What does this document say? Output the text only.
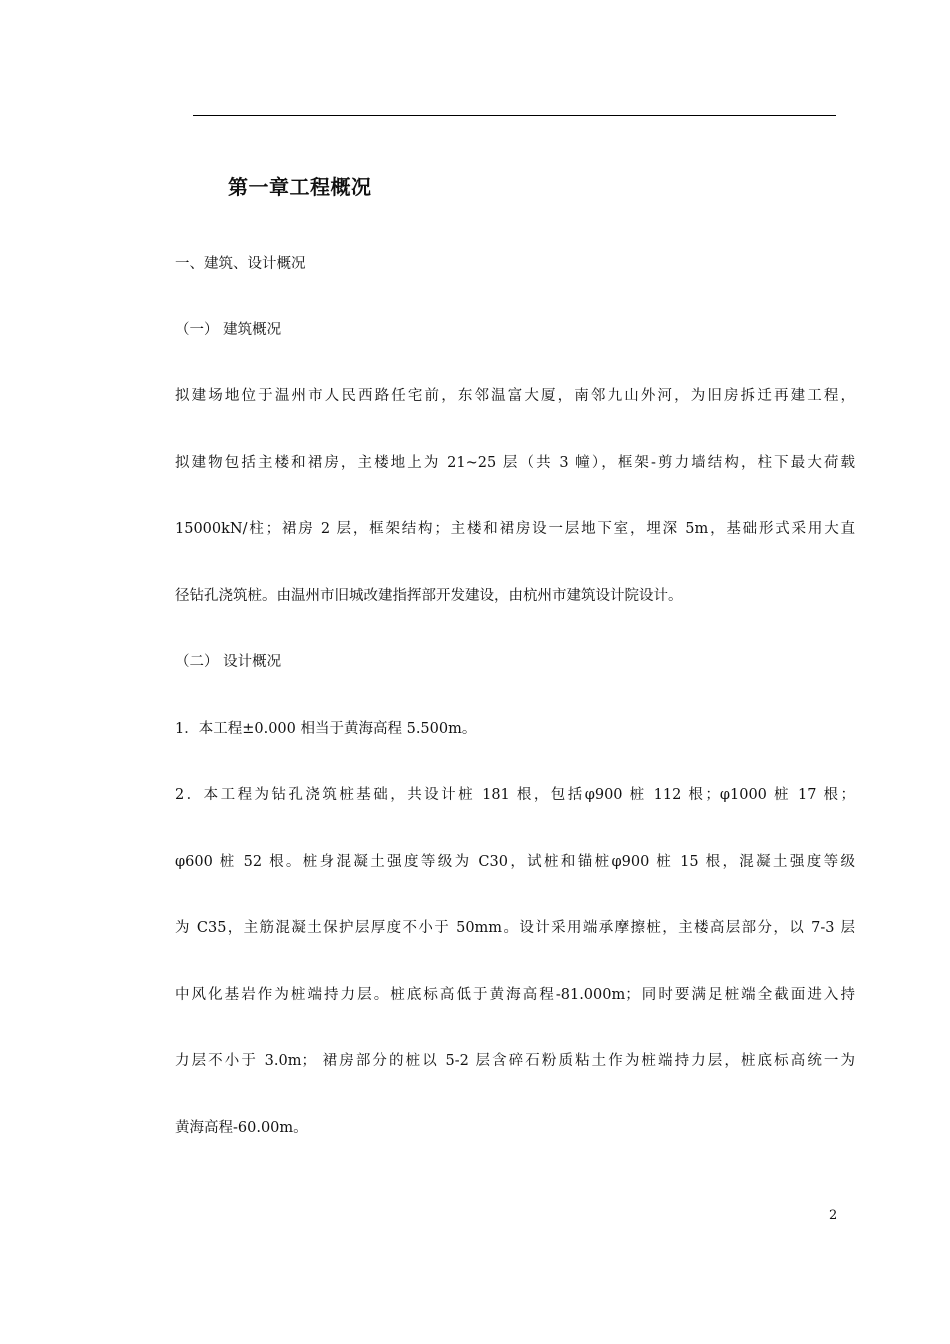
第一章工程概况
一、建筑、设计概况
（一） 建筑概况
拟建场地位于温州市人民西路任宅前，东邻温富大厦，南邻九山外河，为旧房拆迁再建工程，
拟建物包括主楼和裙房，主楼地上为 21~25 层（共 3 幢），框架-剪力墙结构，柱下最大荷载
15000kN/柱；裙房 2 层，框架结构；主楼和裙房设一层地下室，埋深 5m，基础形式采用大直
径钻孔浇筑桩。由温州市旧城改建指挥部开发建设，由杭州市建筑设计院设计。
（二） 设计概况
1．本工程±0.000 相当于黄海高程 5.500m。
2．本工程为钻孔浇筑桩基础，共设计桩 181 根，包括φ900 桩 112 根；φ1000 桩 17 根；
φ600 桩 52 根。桩身混凝土强度等级为 C30，试桩和锚桩φ900 桩 15 根，混凝土强度等级
为 C35，主筋混凝土保护层厚度不小于 50mm。设计采用端承摩擦桩，主楼高层部分，以 7-3 层
中风化基岩作为桩端持力层。桩底标高低于黄海高程-81.000m；同时要满足桩端全截面进入持
力层不小于 3.0m； 裙房部分的桩以 5-2 层含碎石粉质粘土作为桩端持力层，桩底标高统一为
黄海高程-60.00m。
2
